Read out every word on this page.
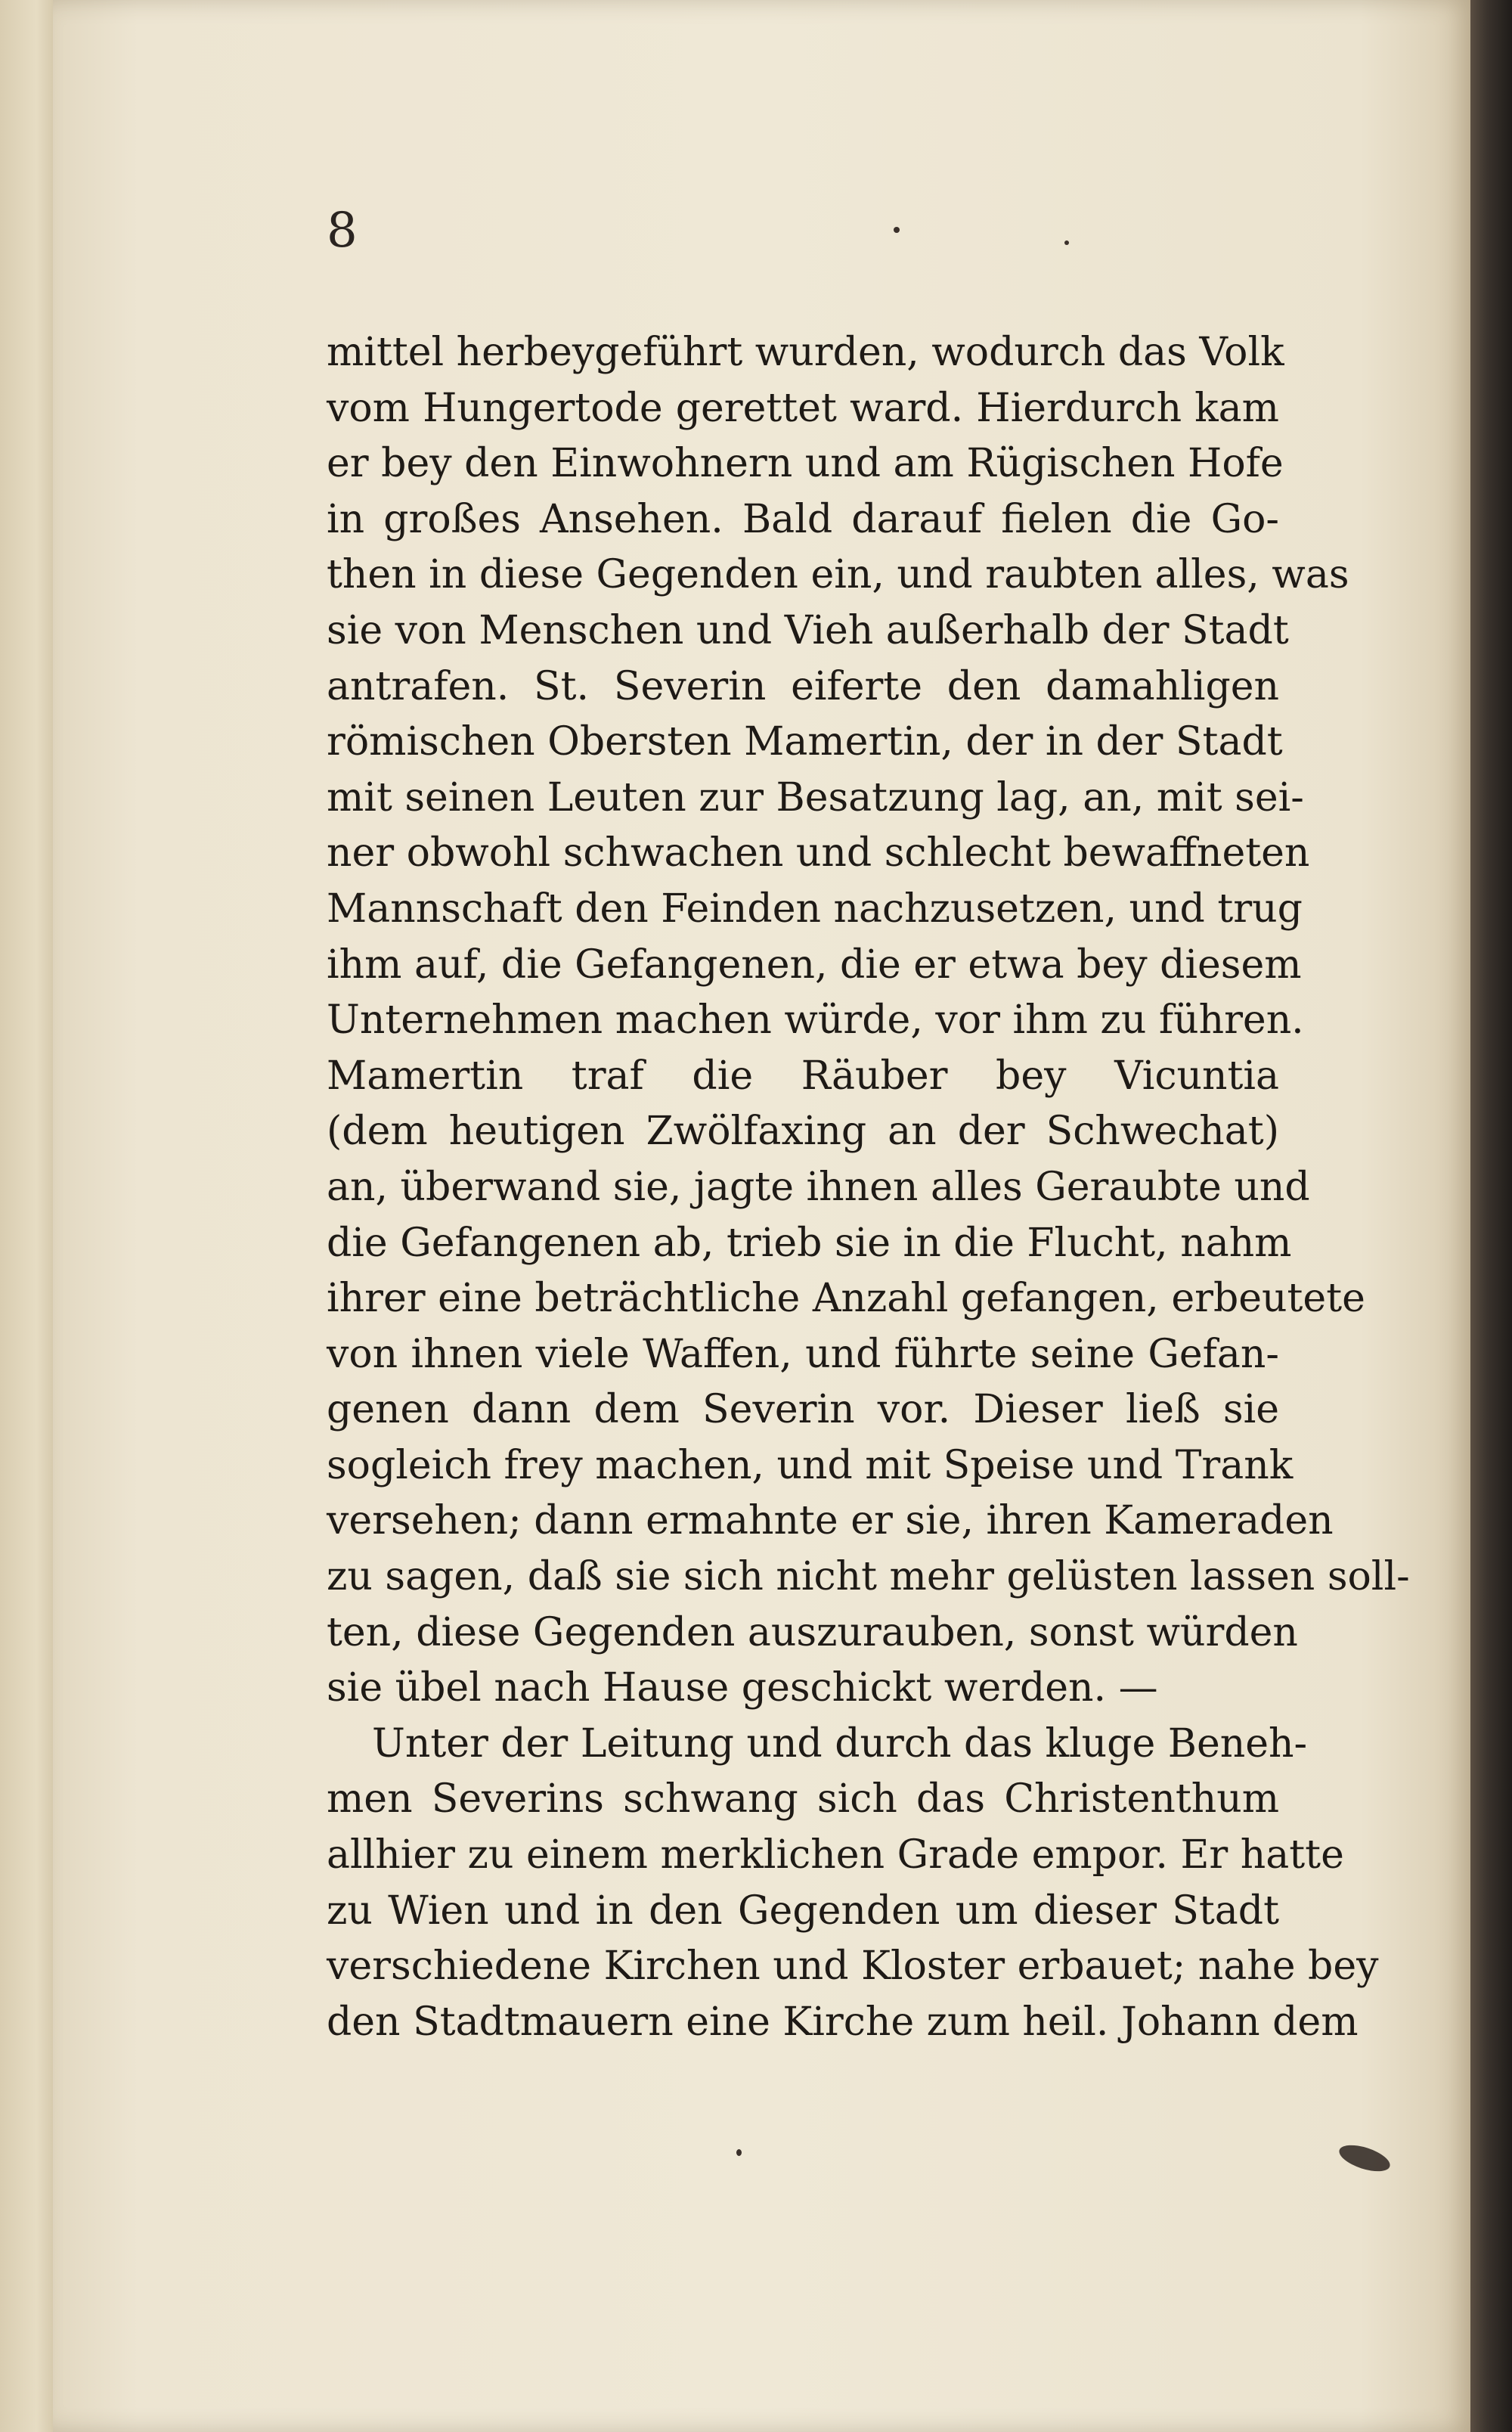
8

mittel herbeygeführt wurden, wodurch das Volk
vom Hungertode gerettet ward. Hierdurch kam
er bey den Einwohnern und am Rügischen Hofe
in großes Ansehen. Bald darauf fielen die Go-
then in diese Gegenden ein, und raubten alles, was
sie von Menschen und Vieh außerhalb der Stadt
antrafen. St. Severin eiferte den damahligen
römischen Obersten Mamertin, der in der Stadt
mit seinen Leuten zur Besatzung lag, an, mit sei-
ner obwohl schwachen und schlecht bewaffneten
Mannschaft den Feinden nachzusetzen, und trug
ihm auf, die Gefangenen, die er etwa bey diesem
Unternehmen machen würde, vor ihm zu führen.
Mamertin traf die Räuber bey Vicuntia
(dem heutigen Zwölfaxing an der Schwechat)
an, überwand sie, jagte ihnen alles Geraubte und
die Gefangenen ab, trieb sie in die Flucht, nahm
ihrer eine beträchtliche Anzahl gefangen, erbeutete
von ihnen viele Waffen, und führte seine Gefan-
genen dann dem Severin vor. Dieser ließ sie
sogleich frey machen, und mit Speise und Trank
versehen; dann ermahnte er sie, ihren Kameraden
zu sagen, daß sie sich nicht mehr gelüsten lassen soll-
ten, diese Gegenden auszurauben, sonst würden
sie übel nach Hause geschickt werden. —
Unter der Leitung und durch das kluge Beneh-
men Severins schwang sich das Christenthum
allhier zu einem merklichen Grade empor. Er hatte
zu Wien und in den Gegenden um dieser Stadt
verschiedene Kirchen und Kloster erbauet; nahe bey
den Stadtmauern eine Kirche zum heil. Johann dem
